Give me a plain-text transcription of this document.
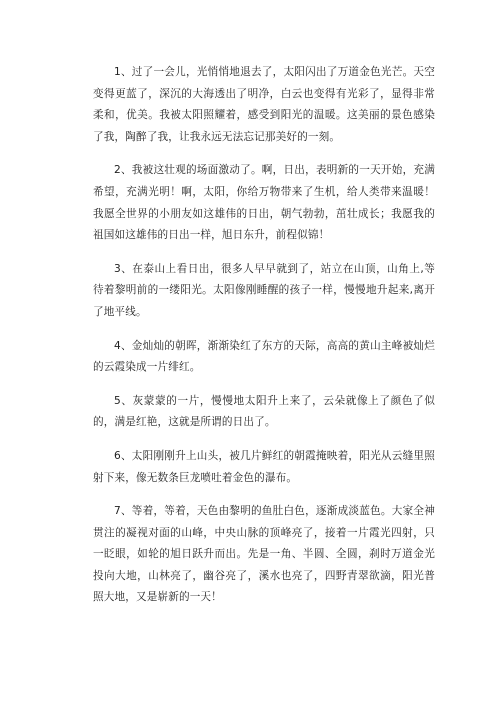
1、过了一会儿，光悄悄地退去了，太阳闪出了万道金色光芒。天空变得更蓝了，深沉的大海透出了明净，白云也变得有光彩了，显得非常柔和，优美。我被太阳照耀着，感受到阳光的温暖。这美丽的景色感染了我，陶醉了我，让我永远无法忘记那美好的一刻。

2、我被这壮观的场面激动了。啊，日出，表明新的一天开始，充满希望，充满光明！啊，太阳，你给万物带来了生机，给人类带来温暖！我愿全世界的小朋友如这雄伟的日出，朝气勃勃，茁壮成长；我愿我的祖国如这雄伟的日出一样，旭日东升，前程似锦！

3、在泰山上看日出，很多人早早就到了，站立在山顶，山角上,等待着黎明前的一缕阳光。太阳像刚睡醒的孩子一样，慢慢地升起来,离开了地平线。

4、金灿灿的朝晖，渐渐染红了东方的天际，高高的黄山主峰被灿烂的云霞染成一片绯红。

5、灰蒙蒙的一片，慢慢地太阳升上来了，云朵就像上了颜色了似的，满是红艳，这就是所谓的日出了。

6、太阳刚刚升上山头，被几片鲜红的朝霞掩映着，阳光从云缝里照射下来，像无数条巨龙喷吐着金色的瀑布。

7、等着，等着，天色由黎明的鱼肚白色，逐渐成淡蓝色。大家全神贯注的凝视对面的山峰，中央山脉的顶峰亮了，接着一片霞光四射，只一眨眼，如轮的旭日跃升而出。先是一角、半圆、全圆，刹时万道金光投向大地，山林亮了，幽谷亮了，溪水也亮了，四野青翠欲滴，阳光普照大地，又是崭新的一天！
